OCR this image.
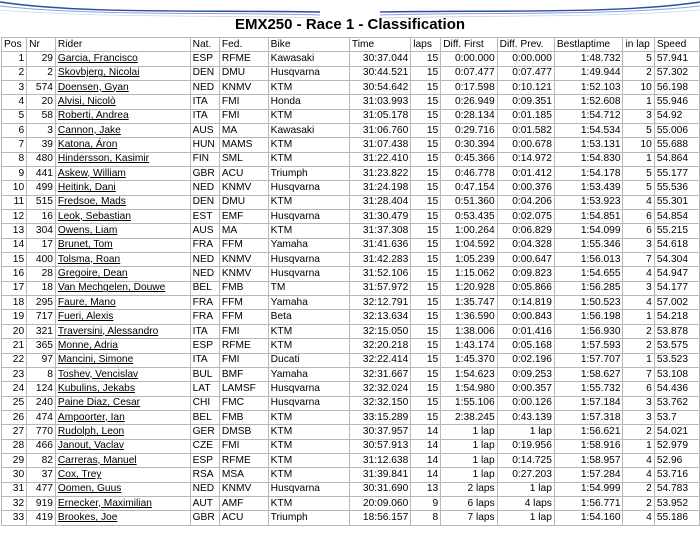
EMX250 - Race 1 - Classification
Pos	Nr	Rider	Nat.	Fed.	Bike	Time	laps	Diff. First	Diff. Prev.	Bestlaptime	in lap	Speed
1	29	Garcia, Francisco	ESP	RFME	Kawasaki	30:37.044	15	0:00.000	0:00.000	1:48.732	5	57.941
2	2	Skovbjerg, Nicolai	DEN	DMU	Husqvarna	30:44.521	15	0:07.477	0:07.477	1:49.944	2	57.302
3	574	Doensen, Gyan	NED	KNMV	KTM	30:54.642	15	0:17.598	0:10.121	1:52.103	10	56.198
4	20	Alvisi, Nicolò	ITA	FMI	Honda	31:03.993	15	0:26.949	0:09.351	1:52.608	1	55.946
5	58	Roberti, Andrea	ITA	FMI	KTM	31:05.178	15	0:28.134	0:01.185	1:54.712	3	54.92
6	3	Cannon, Jake	AUS	MA	Kawasaki	31:06.760	15	0:29.716	0:01.582	1:54.534	5	55.006
7	39	Katona, Áron	HUN	MAMS	KTM	31:07.438	15	0:30.394	0:00.678	1:53.131	10	55.688
8	480	Hindersson, Kasimir	FIN	SML	KTM	31:22.410	15	0:45.366	0:14.972	1:54.830	1	54.864
9	441	Askew, William	GBR	ACU	Triumph	31:23.822	15	0:46.778	0:01.412	1:54.178	5	55.177
10	499	Heitink, Dani	NED	KNMV	Husqvarna	31:24.198	15	0:47.154	0:00.376	1:53.439	5	55.536
11	515	Fredsoe, Mads	DEN	DMU	KTM	31:28.404	15	0:51.360	0:04.206	1:53.923	4	55.301
12	16	Leok, Sebastian	EST	EMF	Husqvarna	31:30.479	15	0:53.435	0:02.075	1:54.851	6	54.854
13	304	Owens, Liam	AUS	MA	KTM	31:37.308	15	1:00.264	0:06.829	1:54.099	6	55.215
14	17	Brunet, Tom	FRA	FFM	Yamaha	31:41.636	15	1:04.592	0:04.328	1:55.346	3	54.618
15	400	Tolsma, Roan	NED	KNMV	Husqvarna	31:42.283	15	1:05.239	0:00.647	1:56.013	7	54.304
16	28	Gregoire, Dean	NED	KNMV	Husqvarna	31:52.106	15	1:15.062	0:09.823	1:54.655	4	54.947
17	18	Van Mechgelen, Douwe	BEL	FMB	TM	31:57.972	15	1:20.928	0:05.866	1:56.285	3	54.177
18	295	Faure, Mano	FRA	FFM	Yamaha	32:12.791	15	1:35.747	0:14.819	1:50.523	4	57.002
19	717	Fueri, Alexis	FRA	FFM	Beta	32:13.634	15	1:36.590	0:00.843	1:56.198	1	54.218
20	321	Traversini, Alessandro	ITA	FMI	KTM	32:15.050	15	1:38.006	0:01.416	1:56.930	2	53.878
21	365	Monne, Adria	ESP	RFME	KTM	32:20.218	15	1:43.174	0:05.168	1:57.593	2	53.575
22	97	Mancini, Simone	ITA	FMI	Ducati	32:22.414	15	1:45.370	0:02.196	1:57.707	1	53.523
23	8	Toshev, Vencislav	BUL	BMF	Yamaha	32:31.667	15	1:54.623	0:09.253	1:58.627	7	53.108
24	124	Kubulins, Jekabs	LAT	LAMSF	Husqvarna	32:32.024	15	1:54.980	0:00.357	1:55.732	6	54.436
25	240	Paine Diaz, Cesar	CHI	FMC	Husqvarna	32:32.150	15	1:55.106	0:00.126	1:57.184	3	53.762
26	474	Ampoorter, Ian	BEL	FMB	KTM	33:15.289	15	2:38.245	0:43.139	1:57.318	3	53.7
27	770	Rudolph, Leon	GER	DMSB	KTM	30:37.957	14	1 lap	1 lap	1:56.621	2	54.021
28	466	Janout, Vaclav	CZE	FMI	KTM	30:57.913	14	1 lap	0:19.956	1:58.916	1	52.979
29	82	Carreras, Manuel	ESP	RFME	KTM	31:12.638	14	1 lap	0:14.725	1:58.957	4	52.96
30	37	Cox, Trey	RSA	MSA	KTM	31:39.841	14	1 lap	0:27.203	1:57.284	4	53.716
31	477	Oomen, Guus	NED	KNMV	Husqvarna	30:31.690	13	2 laps	1 lap	1:54.999	2	54.783
32	919	Ernecker, Maximilian	AUT	AMF	KTM	20:09.060	9	6 laps	4 laps	1:56.771	2	53.952
33	419	Brookes, Joe	GBR	ACU	Triumph	18:56.157	8	7 laps	1 lap	1:54.160	4	55.186
